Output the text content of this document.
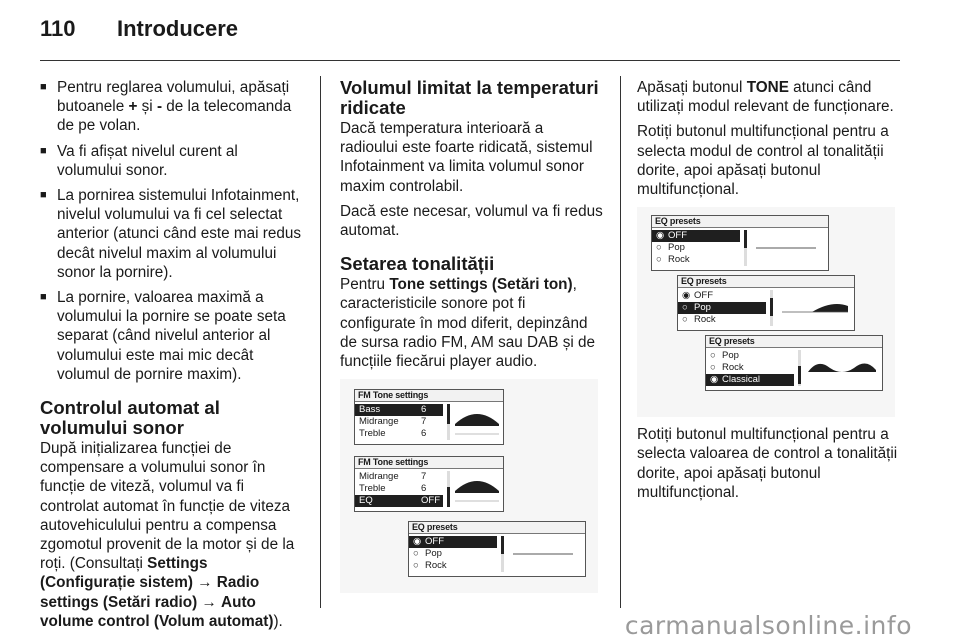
110 Introducere
■ Pentru reglarea volumului, apăsați butoanele + și - de la telecomanda de pe volan.
■ Va fi afișat nivelul curent al volumului sonor.
■ La pornirea sistemului Infotainment, nivelul volumului va fi cel selectat anterior (atunci când este mai redus decât nivelul maxim al volumului sonor la pornire).
■ La pornire, valoarea maximă a volumului la pornire se poate seta separat (când nivelul anterior al volumului este mai mic decât volumul de pornire maxim).
Controlul automat al volumului sonor

După inițializarea funcției de compensare a volumului sonor în funcție de viteză, volumul va fi controlat automat în funcție de viteza autovehiculului pentru a compensa zgomotul provenit de la motor și de la roți. (Consultați Settings (Configurație sistem) → Radio settings (Setări radio) → Auto volume control (Volum automat)).

Volumul limitat la temperaturi ridicate

Dacă temperatura interioară a radioului este foarte ridicată, sistemul Infotainment va limita volumul sonor maxim controlabil.

Dacă este necesar, volumul va fi redus automat.

Setarea tonalității

Pentru Tone settings (Setări ton), caracteristicile sonore pot fi configurate în mod diferit, depinzând de sursa radio FM, AM sau DAB și de funcțiile fiecărui player audio.

FM Tone settings
Bass	6
Midrange 7
Treble	6
FM Tone settings
Midrange 7
Treble	6
EQ	OFF
EQ presets
◉ OFF
○ Pop
○ Rock

Apăsați butonul TONE atunci când utilizați modul relevant de funcționare.

Rotiți butonul multifuncțional pentru a selecta modul de control al tonalității dorite, apoi apăsați butonul multifuncțional.

EQ presets
◉ OFF
○ Pop
○ Rock
EQ presets
◉ OFF
○ Pop
○ Rock
EQ presets
○ Pop
○ Rock
◉ Classical

Rotiți butonul multifuncțional pentru a selecta valoarea de control a tonalității dorite, apoi apăsați butonul multifuncțional.

carmanualsonline.info
